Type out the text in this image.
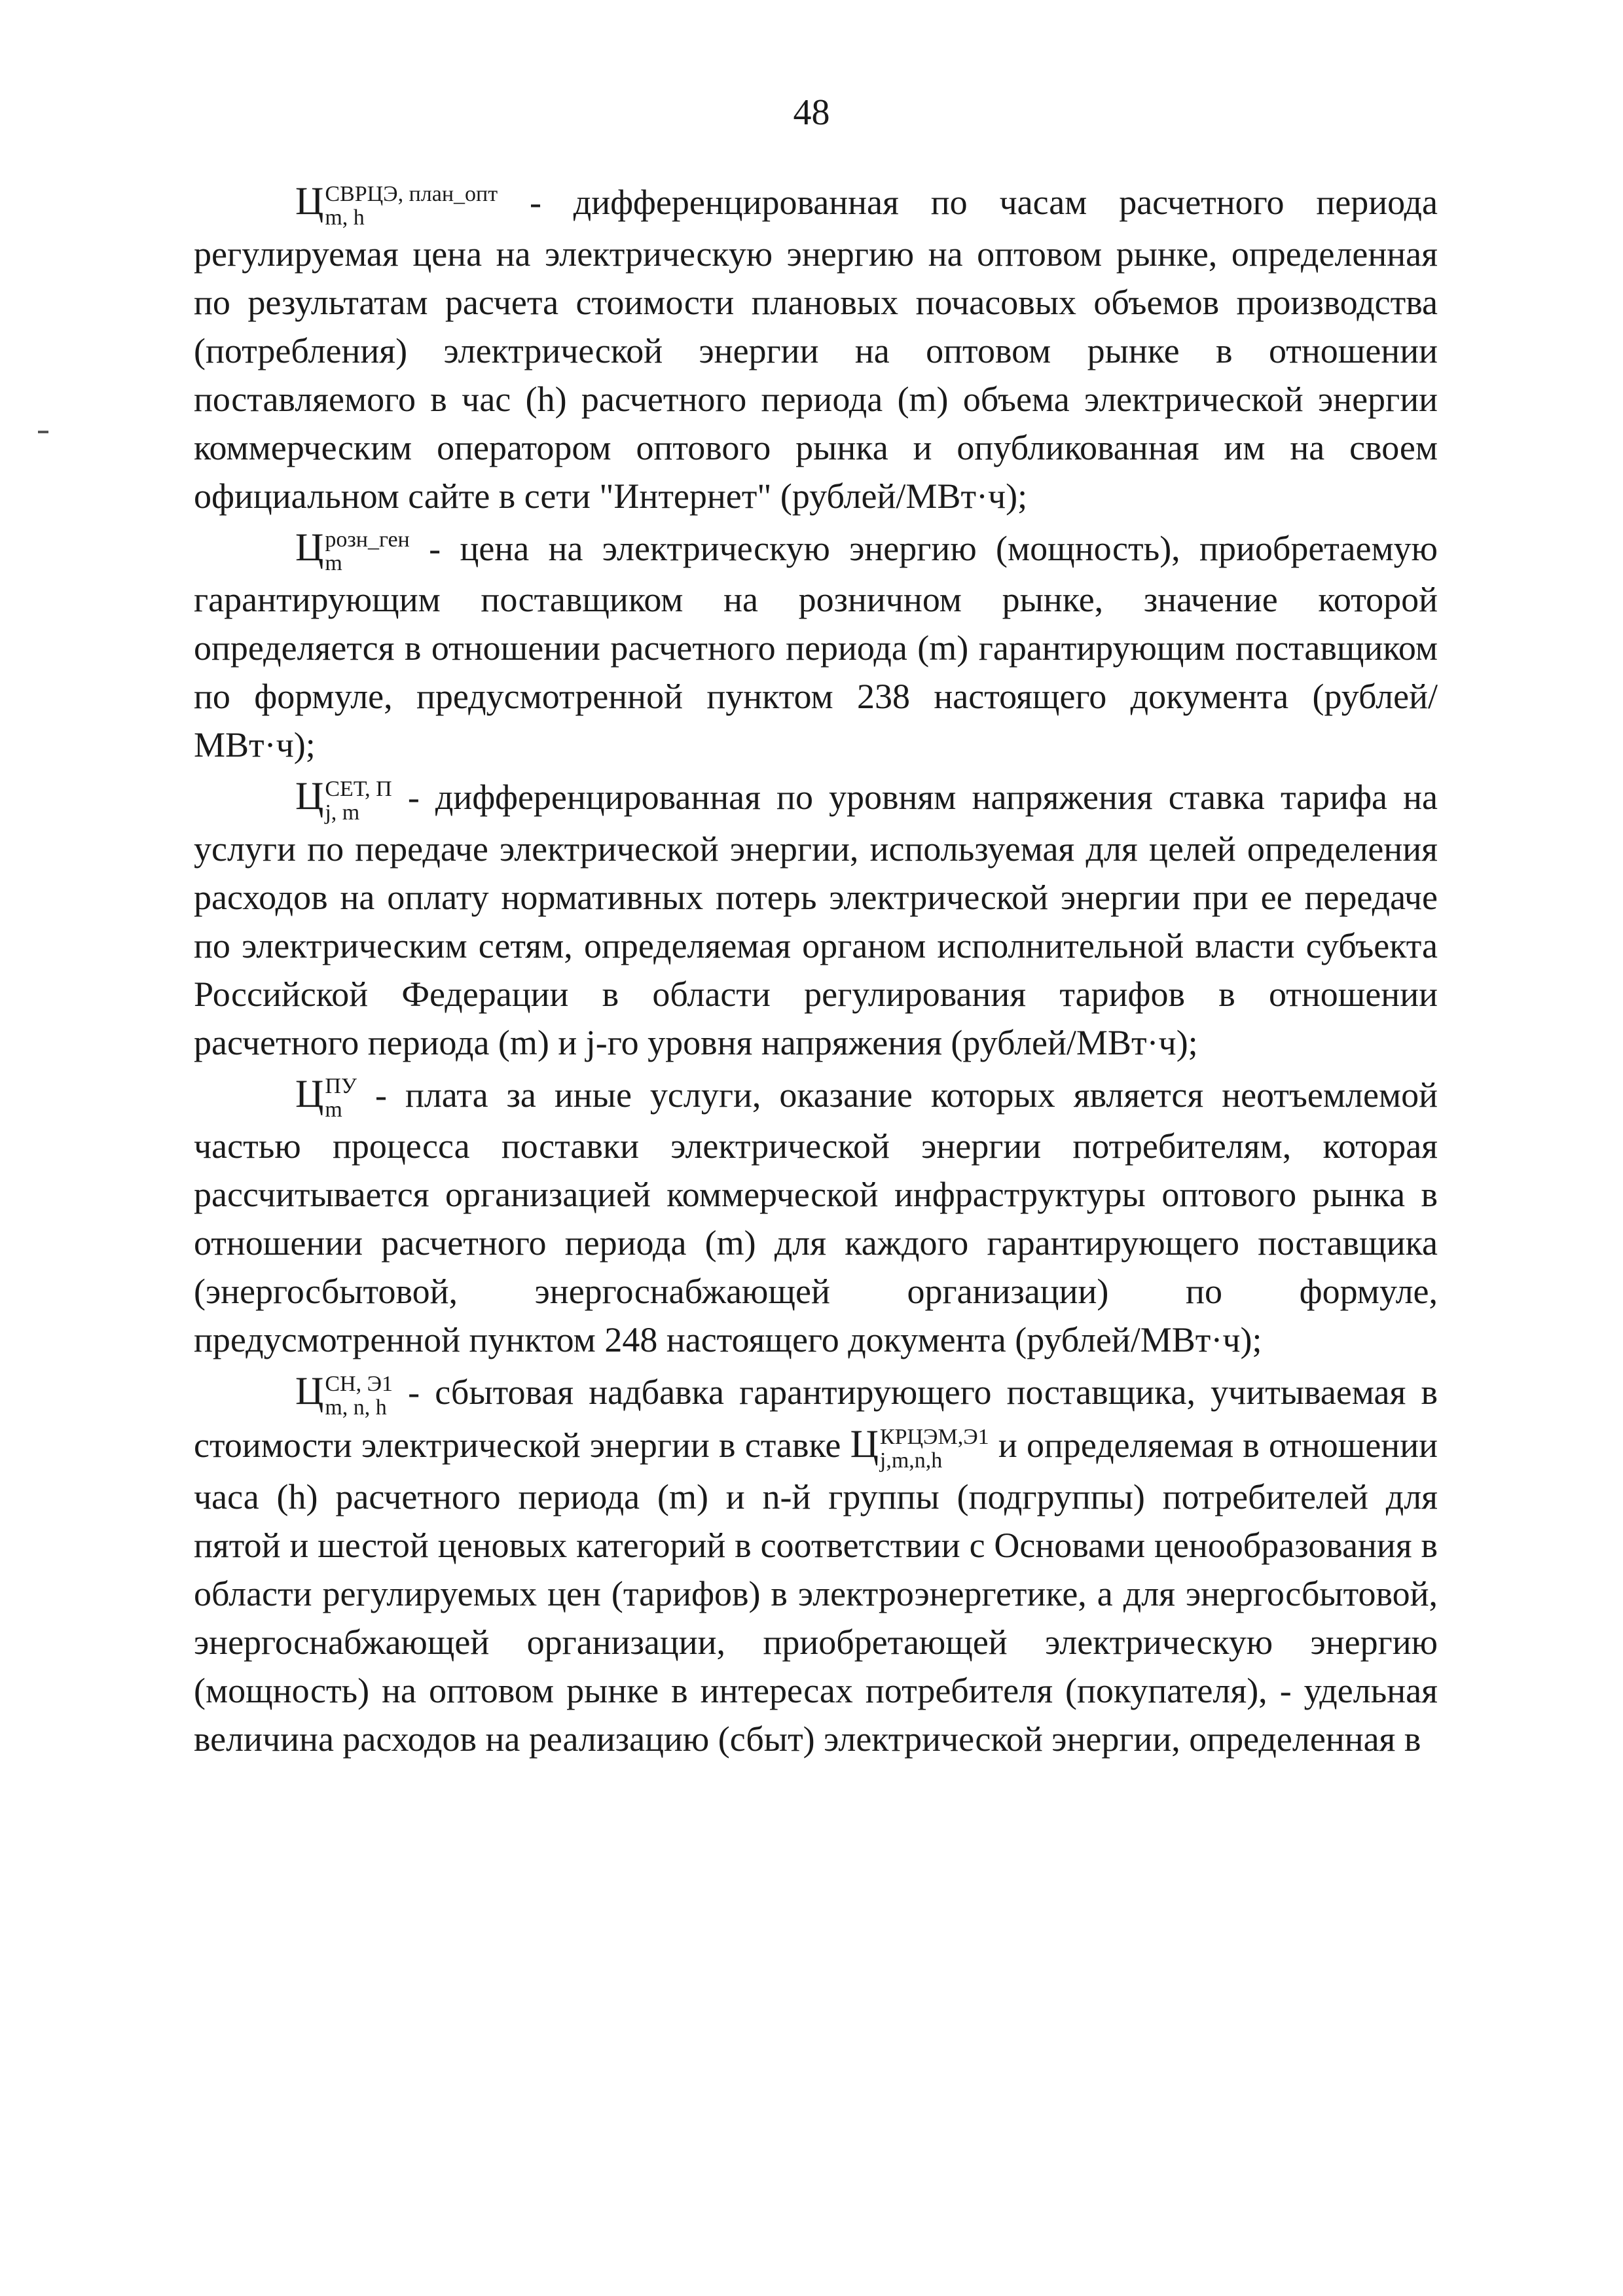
48

Ц СВРЦЭ, план_опт
m, h	- дифференцированная по часам расчетного периода регулируемая цена на электрическую энергию на оптовом рынке, определенная по результатам расчета стоимости плановых почасовых объемов производства (потребления) электрической энергии на оптовом рынке в отношении поставляемого в час (h) расчетного периода (m) объема электрической энергии коммерческим оператором оптового рынка и опубликованная им на своем официальном сайте в сети "Интернет" (рублей/МВт·ч);

Ц розн_ген
m	- цена на электрическую энергию (мощность), приобретаемую гарантирующим поставщиком на розничном рынке, значение которой определяется в отношении расчетного периода (m) гарантирующим поставщиком по формуле, предусмотренной пунктом 238 настоящего документа (рублей/МВт·ч);

Ц СЕТ, П
j, m - дифференцированная по уровням напряжения ставка тарифа на услуги по передаче электрической энергии, используемая для целей определения расходов на оплату нормативных потерь электрической энергии при ее передаче по электрическим сетям, определяемая органом исполнительной власти субъекта Российской Федерации в области регулирования тарифов в отношении расчетного периода (m) и j-го уровня напряжения (рублей/МВт·ч);

Ц ПУ
m - плата за иные услуги, оказание которых является неотъемлемой частью процесса поставки электрической энергии потребителям, которая рассчитывается организацией коммерческой инфраструктуры оптового рынка в отношении расчетного периода (m) для каждого гарантирующего поставщика (энергосбытовой, энергоснабжающей организации) по формуле, предусмотренной пунктом 248 настоящего документа (рублей/МВт·ч);

Ц СН, Э1
m, n, h - сбытовая надбавка гарантирующего поставщика, учитываемая в стоимости электрической энергии в ставке Ц КРЦЭМ,Э1
j,m,n,h	и определяемая в отношении часа (h) расчетного периода (m) и n-й группы (подгруппы) потребителей для пятой и шестой ценовых категорий в соответствии с Основами ценообразования в области регулируемых цен (тарифов) в электроэнергетике, а для энергосбытовой, энергоснабжающей организации, приобретающей электрическую энергию (мощность) на оптовом рынке в интересах потребителя (покупателя), - удельная величина расходов на реализацию (сбыт) электрической энергии, определенная в
